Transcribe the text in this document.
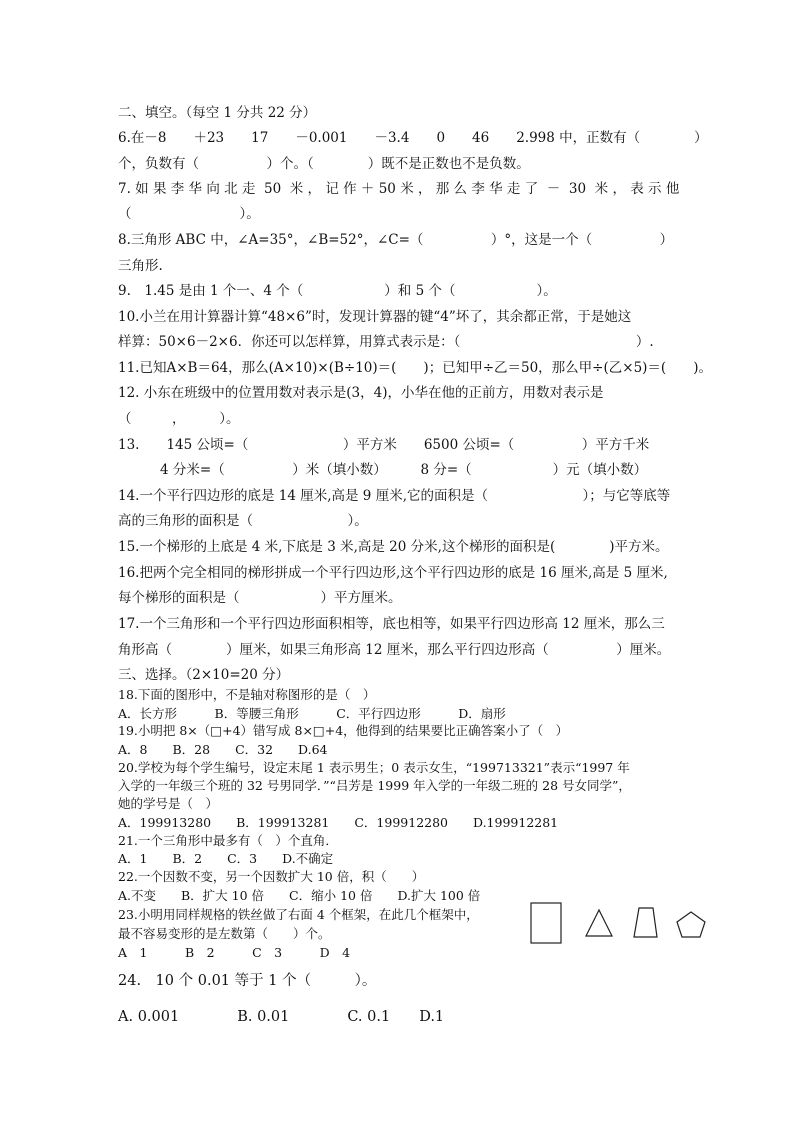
二、填空。（每空 1 分共 22 分）
6.在－8　　＋23　　17　　－0.001　　－3.4　　0　　46　　2.998 中，正数有（　　　　）
个，负数有（　　　　　）个。（　　　　）既不是正数也不是负数。
7. 如 果 李 华 向 北 走  50  米 ， 记 作 ＋ 50 米 ， 那 么 李 华 走 了  －  30  米 ， 表 示 他
（　　　　　　　　）。
8.三角形 ABC 中，∠A=35°，∠B=52°，∠C=（　　　　　）°，这是一个（　　　　　）
三角形.
9.　1.45 是由 1 个一、4 个（　　　　　　）和 5 个（　　　　　　）。
10.小兰在用计算器计算“48×6”时，发现计算器的键“4”坏了，其余都正常，于是她这
样算：50×6－2×6．你还可以怎样算，用算式表示是：（　　　　　　　　　　　　　）.
11.已知A×B＝64，那么(A×10)×(B÷10)＝(　　)；已知甲÷乙＝50，那么甲÷(乙×5)＝(　　)。
12. 小东在班级中的位置用数对表示是(3，4)，小华在他的正前方，用数对表示是
（　　　，　　　）。
13.　　145 公顷=（　　　　　　　）平方米　　6500 公顷=（　　　　　）平方千米
4 分米=（　　　　　）米（填小数）　　　8 分=（　　　　　　）元（填小数）
14.一个平行四边形的底是 14 厘米,高是 9 厘米,它的面积是（　　　　　　　）；与它等底等
高的三角形的面积是（　　　　　　　）。
15.一个梯形的上底是 4 米,下底是 3 米,高是 20 分米,这个梯形的面积是(　　　　)平方米。
16.把两个完全相同的梯形拼成一个平行四边形,这个平行四边形的底是 16 厘米,高是 5 厘米,
每个梯形的面积是（　　　　　　）平方厘米。
17.一个三角形和一个平行四边形面积相等，底也相等，如果平行四边形高 12 厘米，那么三
角形高（　　　　）厘米，如果三角形高 12 厘米，那么平行四边形高（　　　　　）厘米。
三、选择。（2×10=20 分）
18.下面的图形中，不是轴对称图形的是（　）
A．长方形　　　B．等腰三角形　　　C．平行四边形　　　D．扇形
19.小明把 8×（□+4）错写成 8×□+4，他得到的结果要比正确答案小了（　）
A．8　　B．28　　C．32　　D.64
20.学校为每个学生编号，设定末尾 1 表示男生；0 表示女生，“199713321”表示“1997 年
入学的一年级三个班的 32 号男同学．”“吕芳是 1999 年入学的一年级二班的 28 号女同学”，
她的学号是（　）
A．199913280　　B．199913281　　C．199912280　　D.199912281
21.一个三角形中最多有（　）个直角．
A．1　　B．2　　C．3　　D.不确定
22.一个因数不变，另一个因数扩大 10 倍，积（　　）
A.不变　　B．扩大 10 倍　　C．缩小 10 倍　　D.扩大 100 倍
23.小明用同样规格的铁丝做了右面 4 个框架，在此几个框架中，
最不容易变形的是左数第（　　）个。
A　1　　　B　2　　　C　3　　　D　4
24.　10 个 0.01 等于 1 个（　　　）。
A. 0.001　　　　B. 0.01　　　　C. 0.1　　D.1
